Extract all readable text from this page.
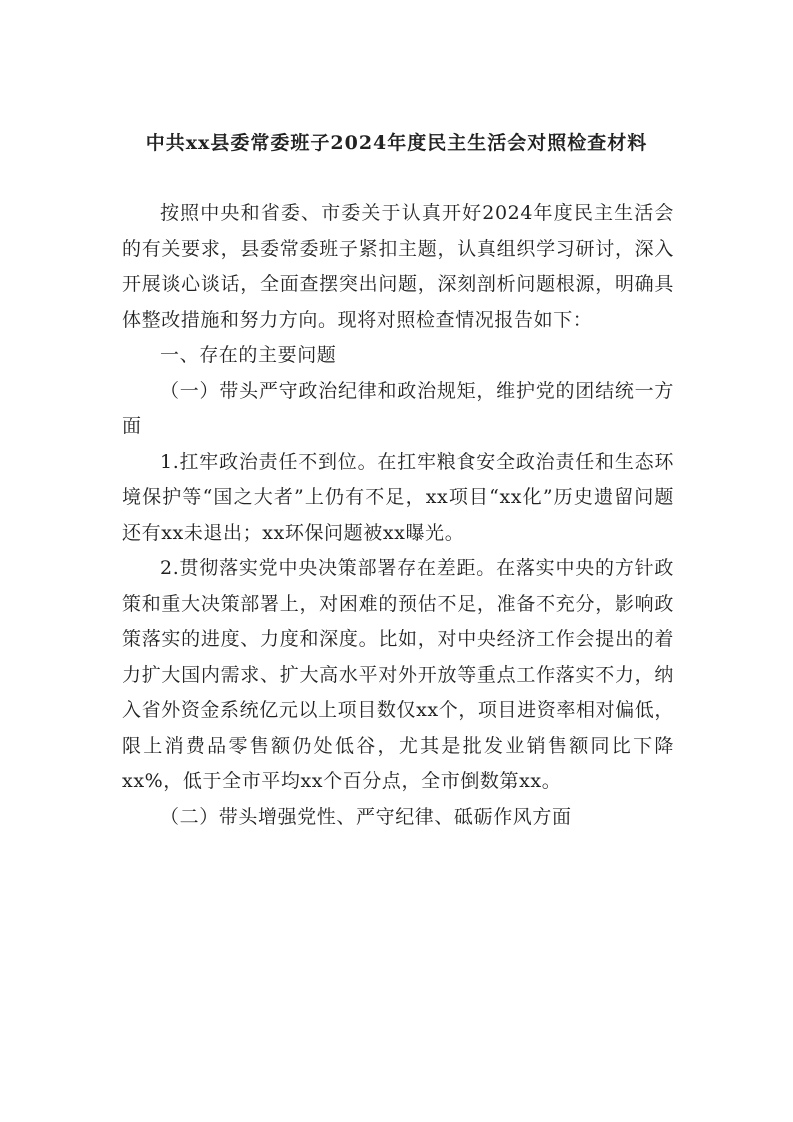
中共xx县委常委班子2024年度民主生活会对照检查材料

按照中央和省委、市委关于认真开好2024年度民主生活会的有关要求，县委常委班子紧扣主题，认真组织学习研讨，深入开展谈心谈话，全面查摆突出问题，深刻剖析问题根源，明确具体整改措施和努力方向。现将对照检查情况报告如下：

一、存在的主要问题

（一）带头严守政治纪律和政治规矩，维护党的团结统一方面

1.扛牢政治责任不到位。在扛牢粮食安全政治责任和生态环境保护等“国之大者”上仍有不足，xx项目“xx化”历史遗留问题还有xx未退出；xx环保问题被xx曝光。

2.贯彻落实党中央决策部署存在差距。在落实中央的方针政策和重大决策部署上，对困难的预估不足，准备不充分，影响政策落实的进度、力度和深度。比如，对中央经济工作会提出的着力扩大国内需求、扩大高水平对外开放等重点工作落实不力，纳入省外资金系统亿元以上项目数仅xx个，项目进资率相对偏低，限上消费品零售额仍处低谷，尤其是批发业销售额同比下降xx%，低于全市平均xx个百分点，全市倒数第xx。

（二）带头增强党性、严守纪律、砥砺作风方面
